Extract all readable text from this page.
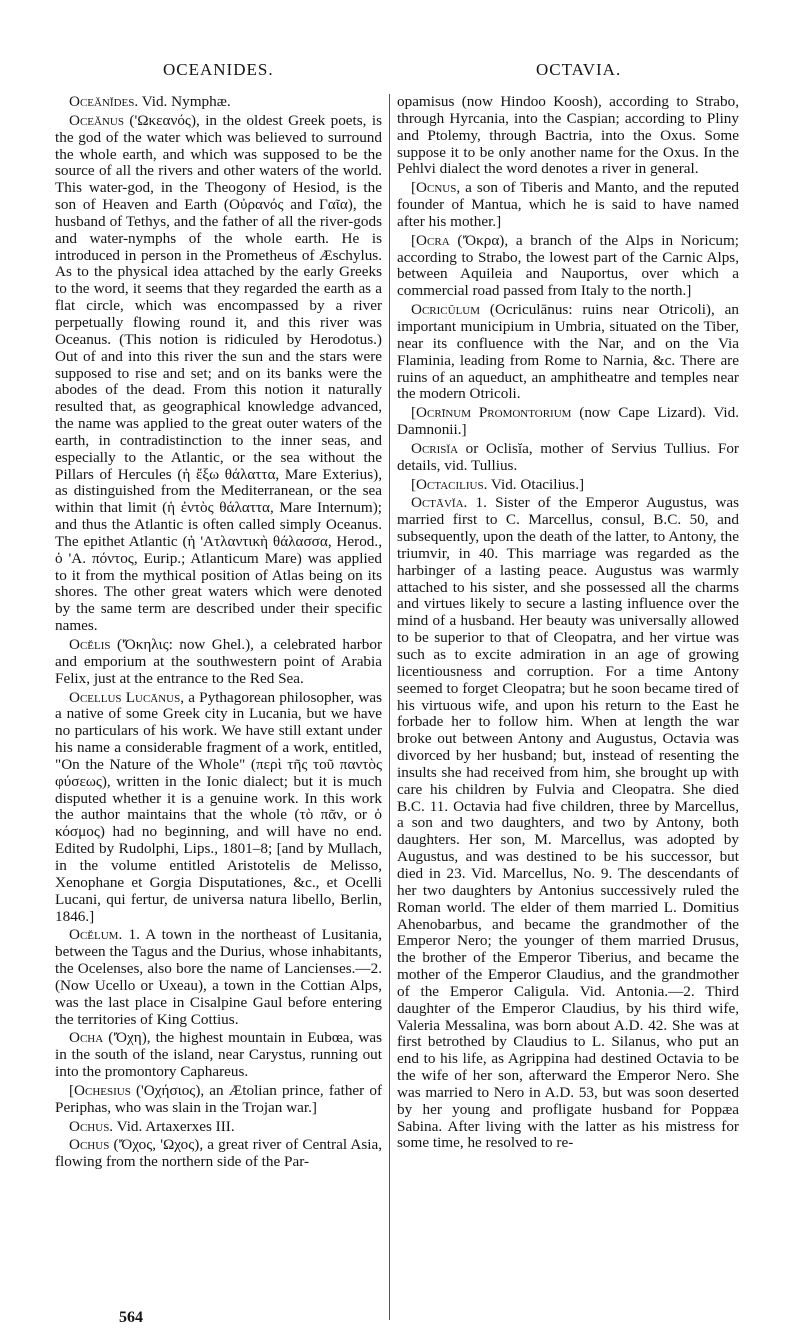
OCEANIDES.	OCTAVIA.

Oceănĭdes. Vid. Nymphæ.

Oceănus ('Ωκεανός), in the oldest Greek poets, is the god of the water which was believed to surround the whole earth, and which was supposed to be the source of all the rivers and other waters of the world. This water-god, in the Theogony of Hesiod, is the son of Heaven and Earth (Οὐρανός and Γαῖα), the husband of Tethys, and the father of all the river-gods and water-nymphs of the whole earth. He is introduced in person in the Prometheus of Æschylus. As to the physical idea attached by the early Greeks to the word, it seems that they regarded the earth as a flat circle, which was encompassed by a river perpetually flowing round it, and this river was Oceanus. (This notion is ridiculed by Herodotus.) Out of and into this river the sun and the stars were supposed to rise and set; and on its banks were the abodes of the dead. From this notion it naturally resulted that, as geographical knowledge advanced, the name was applied to the great outer waters of the earth, in contradistinction to the inner seas, and especially to the Atlantic, or the sea without the Pillars of Hercules (ἡ ἔξω θάλαττα, Mare Exterius), as distinguished from the Mediterranean, or the sea within that limit (ἡ ἐντὸς θάλαττα, Mare Internum); and thus the Atlantic is often called simply Oceanus. The epithet Atlantic (ἡ 'Ατλαντικὴ θάλασσα, Herod., ὁ 'Α. πόντος, Eurip.; Atlanticum Mare) was applied to it from the mythical position of Atlas being on its shores. The other great waters which were denoted by the same term are described under their specific names.

Ocĕlis ('Όκηλις: now Ghel.), a celebrated harbor and emporium at the southwestern point of Arabia Felix, just at the entrance to the Red Sea.

Ocellus Lucānus, a Pythagorean philosopher, was a native of some Greek city in Lucania, but we have no particulars of his work. We have still extant under his name a considerable fragment of a work, entitled, "On the Nature of the Whole" (περὶ τῆς τοῦ παντὸς φύσεως), written in the Ionic dialect; but it is much disputed whether it is a genuine work. In this work the author maintains that the whole (τὸ πᾶν, or ὁ κόσμος) had no beginning, and will have no end. Edited by Rudolphi, Lips., 1801–8; [and by Mullach, in the volume entitled Aristotelis de Melisso, Xenophane et Gorgia Disputationes, &c., et Ocelli Lucani, qui fertur, de universa natura libello, Berlin, 1846.]

Ocĕlum. 1. A town in the northeast of Lusitania, between the Tagus and the Durius, whose inhabitants, the Ocelenses, also bore the name of Lancienses.—2. (Now Ucello or Uxeau), a town in the Cottian Alps, was the last place in Cisalpine Gaul before entering the territories of King Cottius.

Ocha ('Όχη), the highest mountain in Eubœa, was in the south of the island, near Carystus, running out into the promontory Caphareus.

[Ochesius ('Οχήσιος), an Ætolian prince, father of Periphas, who was slain in the Trojan war.]

Ochus. Vid. Artaxerxes III.

Ochus ('Όχος, 'Ωχος), a great river of Central Asia, flowing from the northern side of the Par-

opamisus (now Hindoo Koosh), according to Strabo, through Hyrcania, into the Caspian; according to Pliny and Ptolemy, through Bactria, into the Oxus. Some suppose it to be only another name for the Oxus. In the Pehlvi dialect the word denotes a river in general.

[Ocnus, a son of Tiberis and Manto, and the reputed founder of Mantua, which he is said to have named after his mother.]

[Ocra ('Όκρα), a branch of the Alps in Noricum; according to Strabo, the lowest part of the Carnic Alps, between Aquileia and Nauportus, over which a commercial road passed from Italy to the north.]

Ocricŭlum (Ocriculānus: ruins near Otricoli), an important municipium in Umbria, situated on the Tiber, near its confluence with the Nar, and on the Via Flaminia, leading from Rome to Narnia, &c. There are ruins of an aqueduct, an amphitheatre and temples near the modern Otricoli.

[Ocrīnum Promontorium (now Cape Lizard). Vid. Damnonii.]

Ocrisĭa or Oclisĭa, mother of Servius Tullius. For details, vid. Tullius.

[Octacilius. Vid. Otacilius.]

Octāvĭa. 1. Sister of the Emperor Augustus, was married first to C. Marcellus, consul, B.C. 50, and subsequently, upon the death of the latter, to Antony, the triumvir, in 40. This marriage was regarded as the harbinger of a lasting peace. Augustus was warmly attached to his sister, and she possessed all the charms and virtues likely to secure a lasting influence over the mind of a husband. Her beauty was universally allowed to be superior to that of Cleopatra, and her virtue was such as to excite admiration in an age of growing licentiousness and corruption. For a time Antony seemed to forget Cleopatra; but he soon became tired of his virtuous wife, and upon his return to the East he forbade her to follow him. When at length the war broke out between Antony and Augustus, Octavia was divorced by her husband; but, instead of resenting the insults she had received from him, she brought up with care his children by Fulvia and Cleopatra. She died B.C. 11. Octavia had five children, three by Marcellus, a son and two daughters, and two by Antony, both daughters. Her son, M. Marcellus, was adopted by Augustus, and was destined to be his successor, but died in 23. Vid. Marcellus, No. 9. The descendants of her two daughters by Antonius successively ruled the Roman world. The elder of them married L. Domitius Ahenobarbus, and became the grandmother of the Emperor Nero; the younger of them married Drusus, the brother of the Emperor Tiberius, and became the mother of the Emperor Claudius, and the grandmother of the Emperor Caligula. Vid. Antonia.—2. Third daughter of the Emperor Claudius, by his third wife, Valeria Messalina, was born about A.D. 42. She was at first betrothed by Claudius to L. Silanus, who put an end to his life, as Agrippina had destined Octavia to be the wife of her son, afterward the Emperor Nero. She was married to Nero in A.D. 53, but was soon deserted by her young and profligate husband for Poppæa Sabina. After living with the latter as his mistress for some time, he resolved to re-

564
